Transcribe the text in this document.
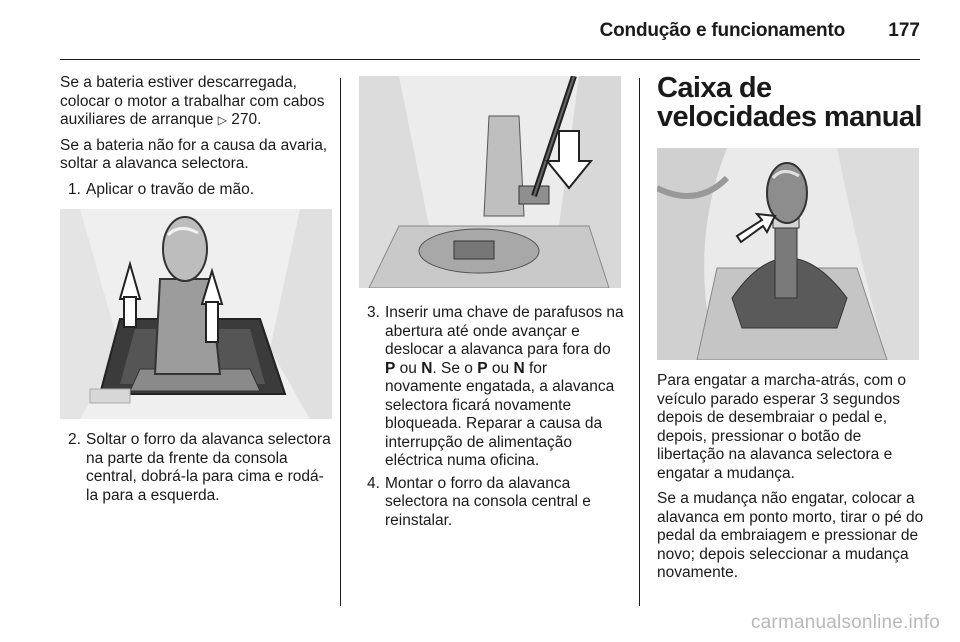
Condução e funcionamento	177

Se a bateria estiver descarregada, colocar o motor a trabalhar com cabos auxiliares de arranque ▷ 270.

Se a bateria não for a causa da avaria, soltar a alavanca selectora.

1. Aplicar o travão de mão.
2. Soltar o forro da alavanca selectora na parte da frente da consola central, dobrá-la para cima e rodá-la para a esquerda.
3. Inserir uma chave de parafusos na abertura até onde avançar e deslocar a alavanca para fora do P ou N. Se o P ou N for novamente engatada, a alavanca selectora ficará novamente bloqueada. Reparar a causa da interrupção de alimentação eléctrica numa oficina.
4. Montar o forro da alavanca selectora na consola central e reinstalar.
Caixa de velocidades manual

Para engatar a marcha-atrás, com o veículo parado esperar 3 segundos depois de desembraiar o pedal e, depois, pressionar o botão de libertação na alavanca selectora e engatar a mudança.

Se a mudança não engatar, colocar a alavanca em ponto morto, tirar o pé do pedal da embraiagem e pressionar de novo; depois seleccionar a mudança novamente.

carmanualsonline.info
